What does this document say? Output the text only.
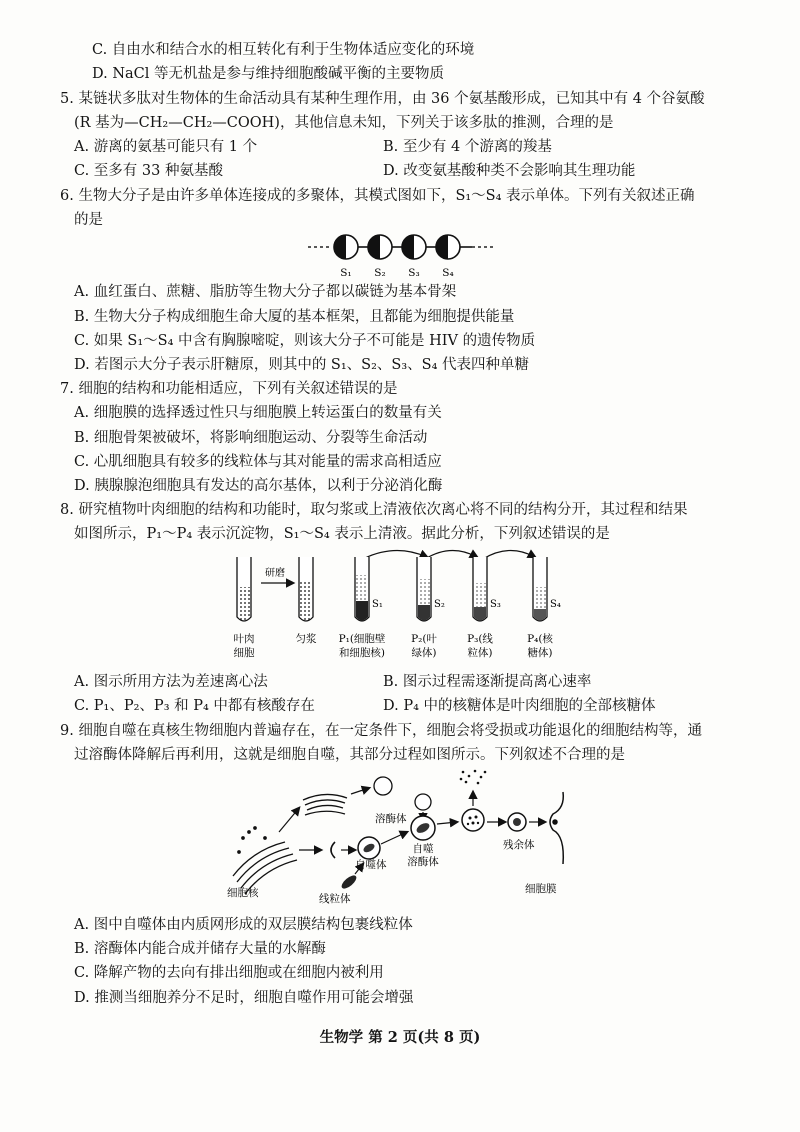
C. 自由水和结合水的相互转化有利于生物体适应变化的环境
D. NaCl 等无机盐是参与维持细胞酸碱平衡的主要物质
5. 某链状多肽对生物体的生命活动具有某种生理作用，由 36 个氨基酸形成，已知其中有 4 个谷氨酸
(R 基为—CH₂—CH₂—COOH)，其他信息未知，下列关于该多肽的推测，合理的是
A. 游离的氨基可能只有 1 个	B. 至少有 4 个游离的羧基
C. 至多有 33 种氨基酸	D. 改变氨基酸种类不会影响其生理功能
6. 生物大分子是由许多单体连接成的多聚体，其模式图如下，S₁～S₄ 表示单体。下列有关叙述正确
的是
S₁ S₂ S₃ S₄
A. 血红蛋白、蔗糖、脂肪等生物大分子都以碳链为基本骨架
B. 生物大分子构成细胞生命大厦的基本框架，且都能为细胞提供能量
C. 如果 S₁～S₄ 中含有胸腺嘧啶，则该大分子不可能是 HIV 的遗传物质
D. 若图示大分子表示肝糖原，则其中的 S₁、S₂、S₃、S₄ 代表四种单糖
7. 细胞的结构和功能相适应，下列有关叙述错误的是
A. 细胞膜的选择透过性只与细胞膜上转运蛋白的数量有关
B. 细胞骨架被破坏，将影响细胞运动、分裂等生命活动
C. 心肌细胞具有较多的线粒体与其对能量的需求高相适应
D. 胰腺腺泡细胞具有发达的高尔基体，以利于分泌消化酶
8. 研究植物叶肉细胞的结构和功能时，取匀浆或上清液依次离心将不同的结构分开，其过程和结果
如图所示，P₁～P₄ 表示沉淀物，S₁～S₄ 表示上清液。据此分析，下列叙述错误的是
研磨
S₁	S₂	S₃	S₄
叶肉
细胞
匀浆 P₁(细胞壁
和细胞核)
P₂(叶
绿体)
P₃(线
粒体)
P₄(核
糖体)
A. 图示所用方法为差速离心法	B. 图示过程需逐渐提高离心速率
C. P₁、P₂、P₃ 和 P₄ 中都有核酸存在	D. P₄ 中的核糖体是叶肉细胞的全部核糖体
9. 细胞自噬在真核生物细胞内普遍存在，在一定条件下，细胞会将受损或功能退化的细胞结构等，通
过溶酶体降解后再利用，这就是细胞自噬，其部分过程如图所示。下列叙述不合理的是
溶酶体
自噬体
线粒体
自噬
溶酶体
残余体
细胞膜
细胞核
A. 图中自噬体由内质网形成的双层膜结构包裹线粒体
B. 溶酶体内能合成并储存大量的水解酶
C. 降解产物的去向有排出细胞或在细胞内被利用
D. 推测当细胞养分不足时，细胞自噬作用可能会增强
生物学 第 2 页(共 8 页)
